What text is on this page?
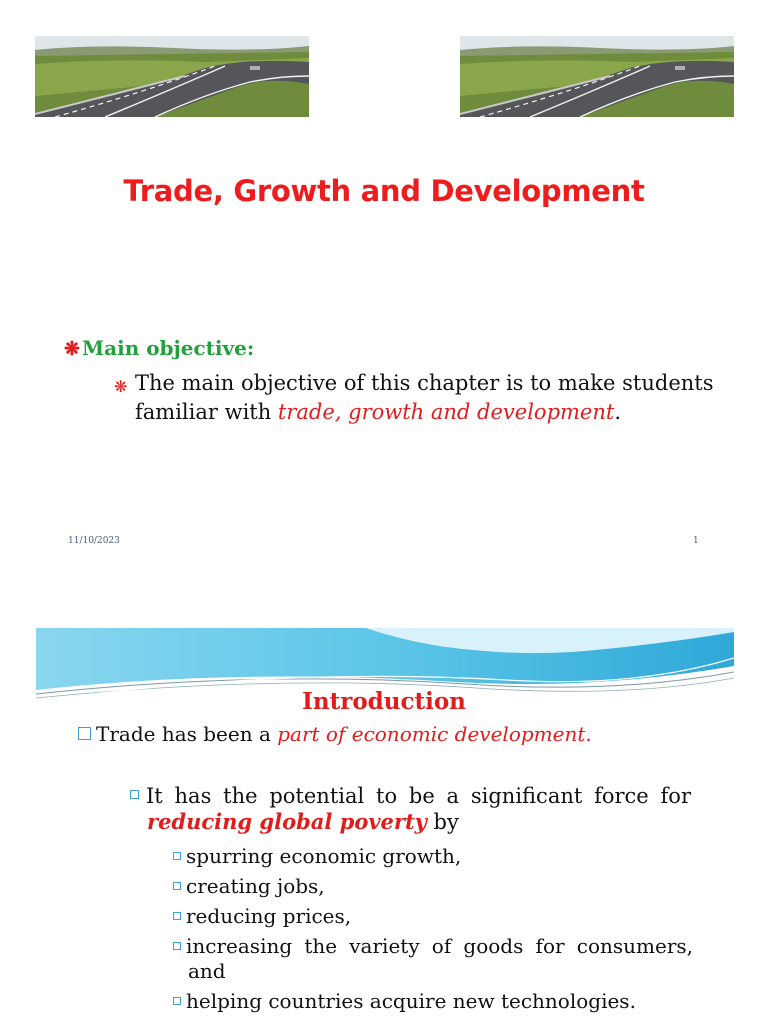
Trade, Growth and Development
❋ Main objective:
❋ The main objective of this chapter is to make students
familiar with trade, growth and development.

11/10/2023	1
Introduction
Trade has been a part of economic development.
It has the potential to be a significant force for
reducing global poverty by
spurring economic growth,
creating jobs,
reducing prices,
increasing the variety of goods for consumers,
and
helping countries acquire new technologies.
